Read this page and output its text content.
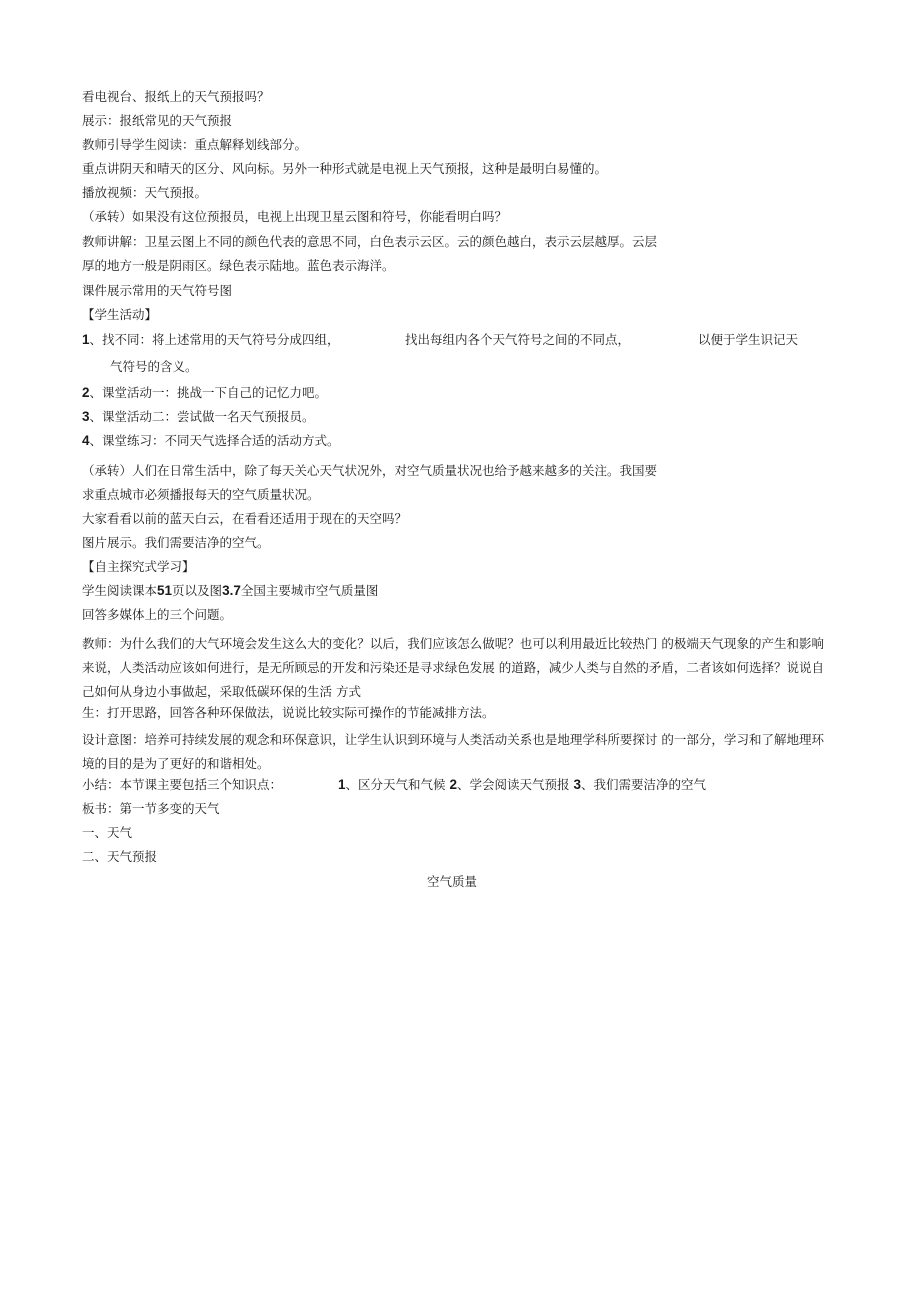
看电视台、报纸上的天气预报吗？
展示：报纸常见的天气预报
教师引导学生阅读：重点解释划线部分。
重点讲阴天和晴天的区分、风向标。另外一种形式就是电视上天气预报，这种是最明白易懂的。
播放视频：天气预报。
（承转）如果没有这位预报员，电视上出现卫星云图和符号，你能看明白吗？
教师讲解：卫星云图上不同的颜色代表的意思不同，白色表示云区。云的颜色越白，表示云层越厚。云层
厚的地方一般是阴雨区。绿色表示陆地。蓝色表示海洋。
课件展示常用的天气符号图
【学生活动】
1、找不同：将上述常用的天气符号分成四组，	找出每组内各个天气符号之间的不同点，	以便于学生识记天
气符号的含义。
2、课堂活动一：挑战一下自己的记忆力吧。
3、课堂活动二：尝试做一名天气预报员。
4、课堂练习：不同天气选择合适的活动方式。
（承转）人们在日常生活中，除了每天关心天气状况外，对空气质量状况也给予越来越多的关注。我国要
求重点城市必须播报每天的空气质量状况。
大家看看以前的蓝天白云，在看看还适用于现在的天空吗？
图片展示。我们需要洁净的空气。
【自主探究式学习】
学生阅读课本51页以及图3.7全国主要城市空气质量图
回答多媒体上的三个问题。
教师：为什么我们的大气环境会发生这么大的变化？以后，我们应该怎么做呢？也可以利用最近比较热门 的极端天气现象的产生和影响来说，人类活动应该如何进行，是无所顾忌的开发和污染还是寻求绿色发展 的道路，减少人类与自然的矛盾，二者该如何选择？说说自己如何从身边小事做起，采取低碳环保的生活 方式
生：打开思路，回答各种环保做法，说说比较实际可操作的节能减排方法。
设计意图：培养可持续发展的观念和环保意识，让学生认识到环境与人类活动关系也是地理学科所要探讨 的一部分，学习和了解地理环境的目的是为了更好的和谐相处。
小结：本节课主要包括三个知识点：	1、区分天气和气候 2、学会阅读天气预报 3、我们需要洁净的空气
板书：第一节多变的天气
一、天气
二、天气预报
空气质量
